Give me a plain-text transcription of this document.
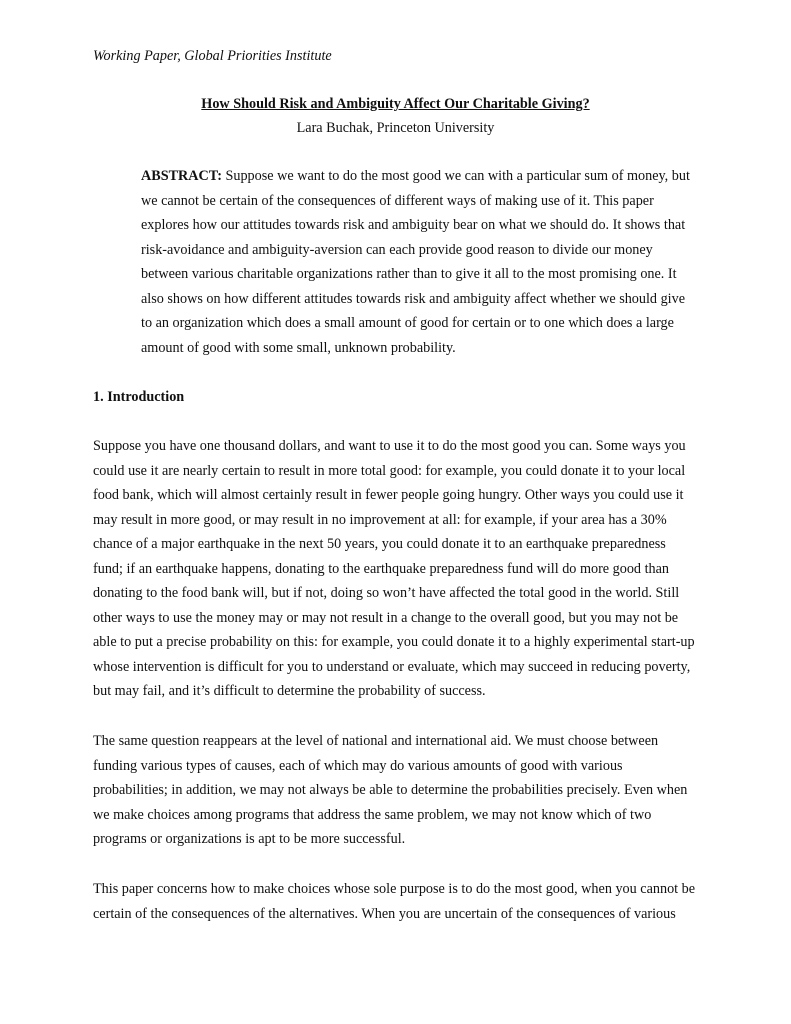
Working Paper, Global Priorities Institute
How Should Risk and Ambiguity Affect Our Charitable Giving?
Lara Buchak, Princeton University

ABSTRACT: Suppose we want to do the most good we can with a particular sum of money, but
we cannot be certain of the consequences of different ways of making use of it. This paper
explores how our attitudes towards risk and ambiguity bear on what we should do. It shows that
risk-avoidance and ambiguity-aversion can each provide good reason to divide our money
between various charitable organizations rather than to give it all to the most promising one. It
also shows on how different attitudes towards risk and ambiguity affect whether we should give
to an organization which does a small amount of good for certain or to one which does a large
amount of good with some small, unknown probability.

1. Introduction

Suppose you have one thousand dollars, and want to use it to do the most good you can. Some ways you
could use it are nearly certain to result in more total good: for example, you could donate it to your local
food bank, which will almost certainly result in fewer people going hungry. Other ways you could use it
may result in more good, or may result in no improvement at all: for example, if your area has a 30%
chance of a major earthquake in the next 50 years, you could donate it to an earthquake preparedness
fund; if an earthquake happens, donating to the earthquake preparedness fund will do more good than
donating to the food bank will, but if not, doing so won’t have affected the total good in the world. Still
other ways to use the money may or may not result in a change to the overall good, but you may not be
able to put a precise probability on this: for example, you could donate it to a highly experimental start-up
whose intervention is difficult for you to understand or evaluate, which may succeed in reducing poverty,
but may fail, and it’s difficult to determine the probability of success.

The same question reappears at the level of national and international aid. We must choose between
funding various types of causes, each of which may do various amounts of good with various
probabilities; in addition, we may not always be able to determine the probabilities precisely. Even when
we make choices among programs that address the same problem, we may not know which of two
programs or organizations is apt to be more successful.

This paper concerns how to make choices whose sole purpose is to do the most good, when you cannot be
certain of the consequences of the alternatives. When you are uncertain of the consequences of various
